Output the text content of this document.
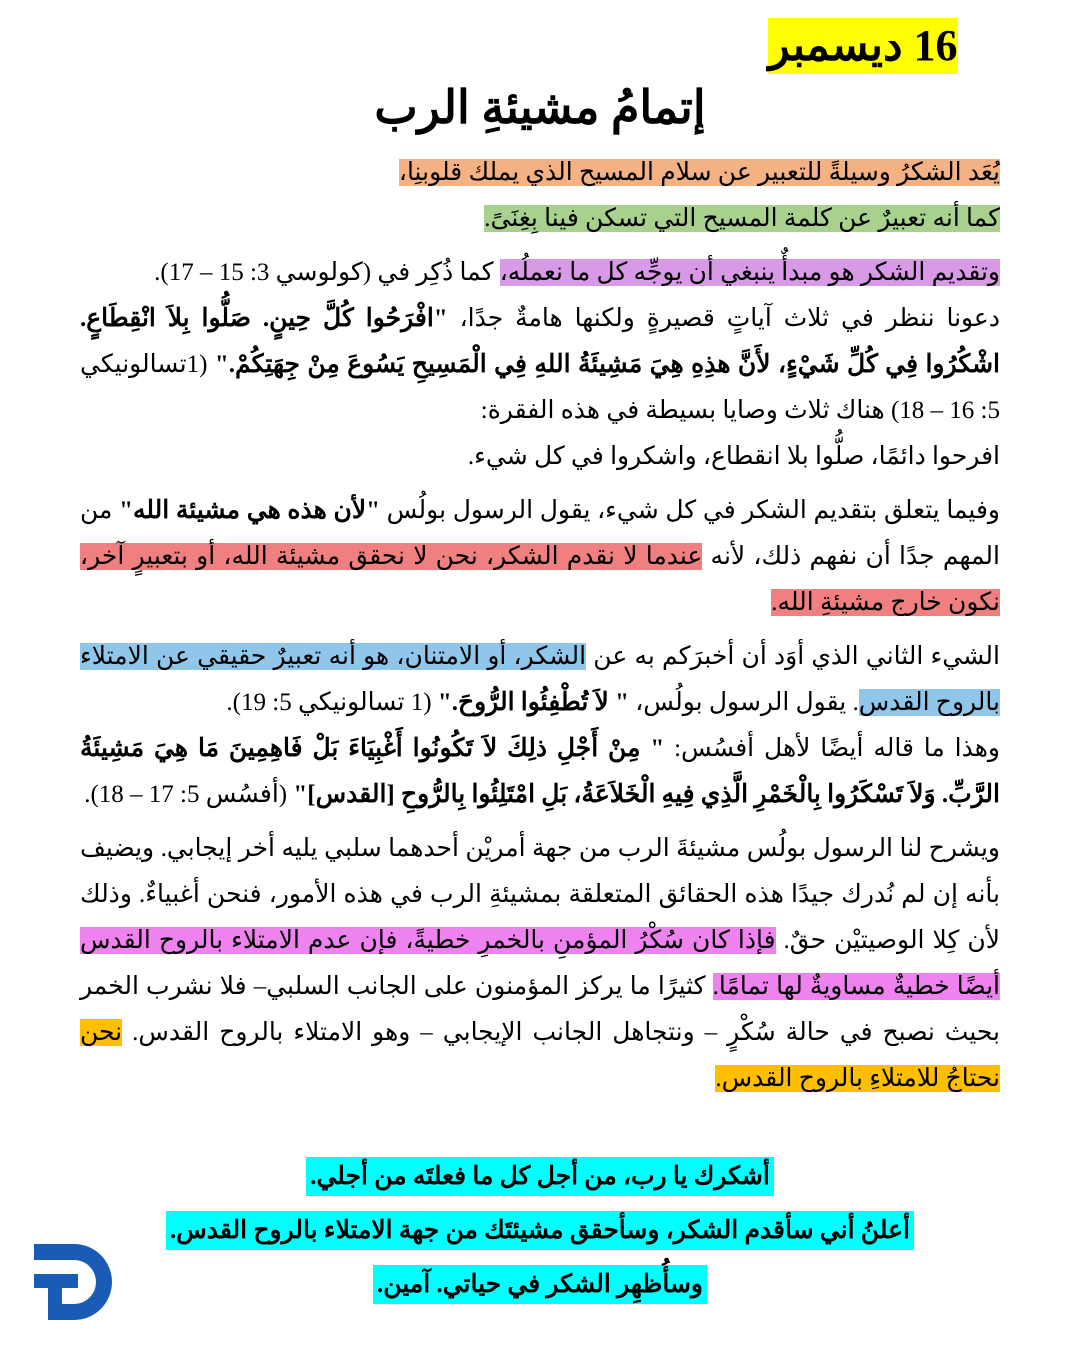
16 ديسمبر
إتمامُ مشيئةِ الرب

يُعَد الشكرُ وسيلةً للتعبير عن سلام المسيح الذي يملك قلوبنِا،

كما أنه تعبيرٌ عن كلمة المسيح التي تسكن فينا بِغِنَىً.

وتقديم الشكر هو مبدأٌ ينبغي أن يوجِّه كل ما نعملُه، كما ذُكِر في (كولوسي 3: 15 – 17).

دعونا ننظر في ثلاث آياتٍ قصيرةٍ ولكنها هامةٌ جدًا، "افْرَحُوا كُلَّ حِينٍ. صَلُّوا بِلاَ انْقِطَاعٍ. اشْكُرُوا فِي كُلِّ شَيْءٍ، لأَنَّ هذِهِ هِيَ مَشِيئَةُ اللهِ فِي الْمَسِيحِ يَسُوعَ مِنْ جِهَتِكُمْ." (1تسالونيكي 5: 16 – 18) هناك ثلاث وصايا بسيطة في هذه الفقرة:

افرحوا دائمًا، صلُّوا بلا انقطاع، واشكروا في كل شيء.

وفيما يتعلق بتقديم الشكر في كل شيء، يقول الرسول بولُس "لأن هذه هي مشيئة الله" من المهم جدًا أن نفهم ذلك، لأنه عندما لا نقدم الشكر، نحن لا نحقق مشيئة الله، أو بتعبيرٍ آخر، نكون خارج مشيئةِ الله.

الشيء الثاني الذي أوَد أن أخبرَكم به عن الشكر، أو الامتنان، هو أنه تعبيرٌ حقيقي عن الامتلاء بالروح القدس. يقول الرسول بولُس، " لاَ تُطْفِئُوا الرُّوحَ." (1 تسالونيكي 5: 19).

وهذا ما قاله أيضًا لأهل أفسُس: " مِنْ أَجْلِ ذلِكَ لاَ تَكُونُوا أَغْبِيَاءَ بَلْ فَاهِمِينَ مَا هِيَ مَشِيئَةُ الرَّبِّ. وَلاَ تَسْكَرُوا بِالْخَمْرِ الَّذِي فِيهِ الْخَلاَعَةُ، بَلِ امْتَلِئُوا بِالرُّوحِ [القدس]" (أفسُس 5: 17 – 18).

ويشرح لنا الرسول بولُس مشيئةَ الرب من جهة أمريْن أحدهما سلبي يليه أخر إيجابي. ويضيف بأنه إن لم نُدرك جيدًا هذه الحقائق المتعلقة بمشيئةِ الرب في هذه الأمور، فنحن أغبياءٌ. وذلك لأن كِلا الوصيتيْن حقٌ. فإذا كان سُكْرُ المؤمنِ بالخمرِ خطيةً، فإن عدم الامتلاء بالروح القدس أيضًا خطيةٌ مساويةٌ لها تمامًا. كثيرًا ما يركز المؤمنون على الجانب السلبي– فلا نشرب الخمر بحيث نصبح في حالة سُكْرٍ – ونتجاهل الجانب الإيجابي – وهو الامتلاء بالروح القدس. نحن نحتاجُ للامتلاءِ بالروح القدس.

أشكرك يا رب، من أجل كل ما فعلتَه من أجلي.
أعلنُ أني سأقدم الشكر، وسأحقق مشيئتَك من جهة الامتلاء بالروح القدس.
وسأُظهِر الشكر في حياتي. آمين.
